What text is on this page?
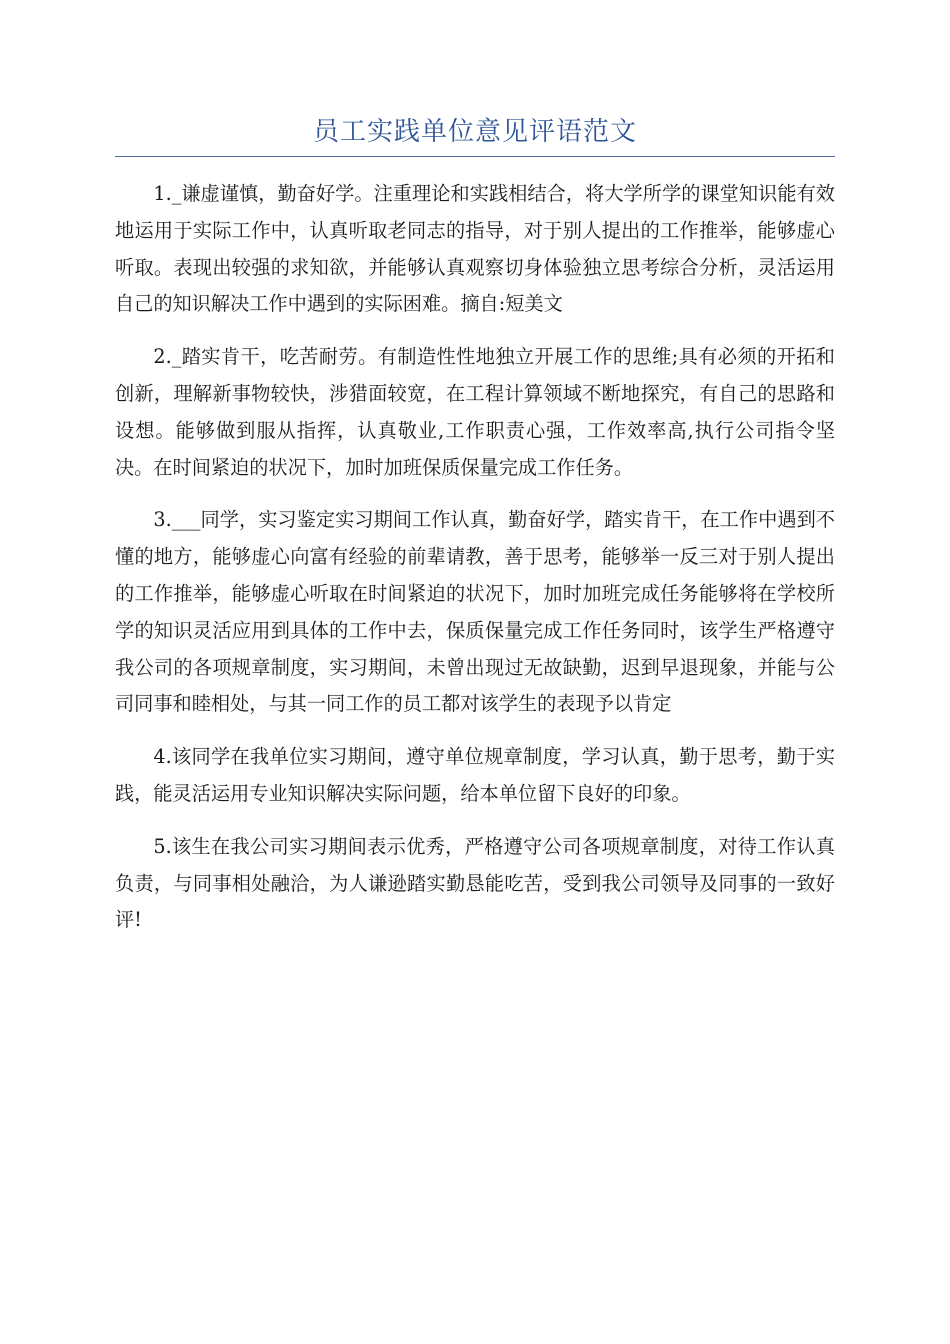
员工实践单位意见评语范文

1._谦虚谨慎，勤奋好学。注重理论和实践相结合，将大学所学的课堂知识能有效地运用于实际工作中，认真听取老同志的指导，对于别人提出的工作推举，能够虚心听取。表现出较强的求知欲，并能够认真观察切身体验独立思考综合分析，灵活运用自己的知识解决工作中遇到的实际困难。摘自:短美文

2._踏实肯干，吃苦耐劳。有制造性性地独立开展工作的思维;具有必须的开拓和创新，理解新事物较快，涉猎面较宽，在工程计算领域不断地探究，有自己的思路和设想。能够做到服从指挥，认真敬业,工作职责心强，工作效率高,执行公司指令坚决。在时间紧迫的状况下，加时加班保质保量完成工作任务。

3.___同学，实习鉴定实习期间工作认真，勤奋好学，踏实肯干，在工作中遇到不懂的地方，能够虚心向富有经验的前辈请教，善于思考，能够举一反三对于别人提出的工作推举，能够虚心听取在时间紧迫的状况下，加时加班完成任务能够将在学校所学的知识灵活应用到具体的工作中去，保质保量完成工作任务同时，该学生严格遵守我公司的各项规章制度，实习期间，未曾出现过无故缺勤，迟到早退现象，并能与公司同事和睦相处，与其一同工作的员工都对该学生的表现予以肯定

4.该同学在我单位实习期间，遵守单位规章制度，学习认真，勤于思考，勤于实践，能灵活运用专业知识解决实际问题，给本单位留下良好的印象。

5.该生在我公司实习期间表示优秀，严格遵守公司各项规章制度，对待工作认真负责，与同事相处融洽，为人谦逊踏实勤恳能吃苦，受到我公司领导及同事的一致好评!
